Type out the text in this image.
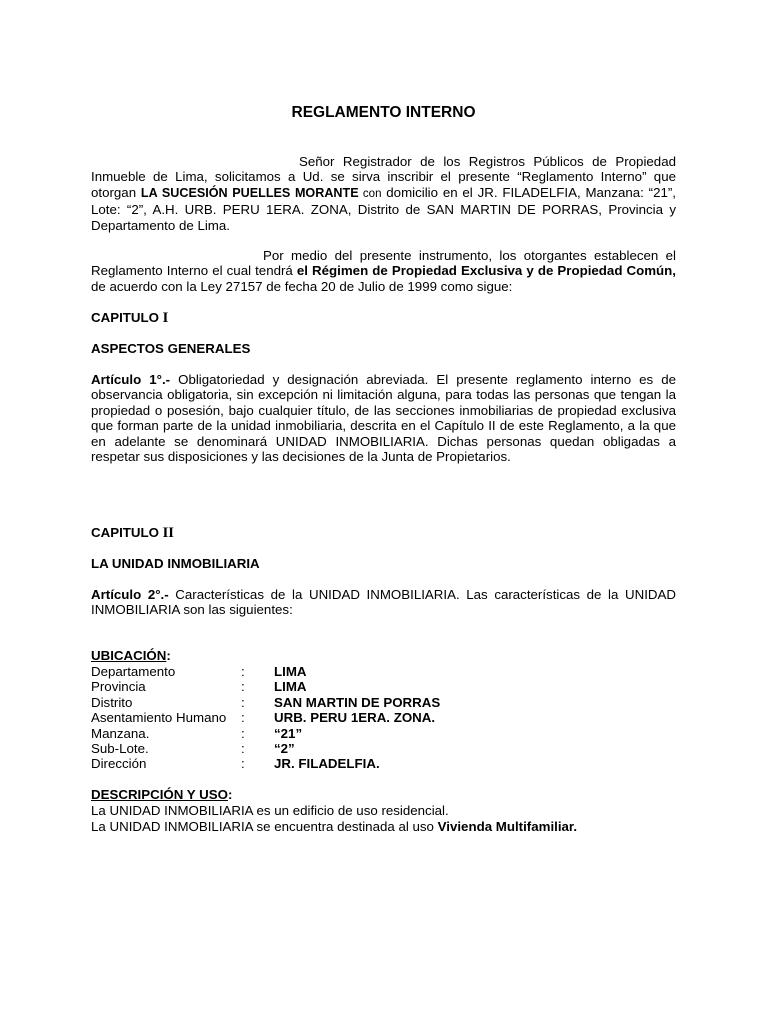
REGLAMENTO INTERNO

Señor Registrador de los Registros Públicos de Propiedad Inmueble de Lima, solicitamos a Ud. se sirva inscribir el presente “Reglamento Interno” que otorgan LA SUCESIÓN PUELLES MORANTE con domicilio en el JR. FILADELFIA, Manzana: “21”, Lote: “2”, A.H. URB. PERU 1ERA. ZONA, Distrito de SAN MARTIN DE PORRAS, Provincia y Departamento de Lima.

Por medio del presente instrumento, los otorgantes establecen el Reglamento Interno el cual tendrá el Régimen de Propiedad Exclusiva y de Propiedad Común, de acuerdo con la Ley 27157 de fecha 20 de Julio de 1999 como sigue:

CAPITULO I

ASPECTOS GENERALES

Artículo 1°.- Obligatoriedad y designación abreviada. El presente reglamento interno es de observancia obligatoria, sin excepción ni limitación alguna, para todas las personas que tengan la propiedad o posesión, bajo cualquier título, de las secciones inmobiliarias de propiedad exclusiva que forman parte de la unidad inmobiliaria, descrita en el Capítulo II de este Reglamento, a la que en adelante se denominará UNIDAD INMOBILIARIA. Dichas personas quedan obligadas a respetar sus disposiciones y las decisiones de la Junta de Propietarios.

CAPITULO II

LA UNIDAD INMOBILIARIA

Artículo 2°.- Características de la UNIDAD INMOBILIARIA. Las características de la UNIDAD INMOBILIARIA son las siguientes:

UBICACIÓN:
Departamento	: LIMA
Provincia	: LIMA
Distrito	: SAN MARTIN DE PORRAS
Asentamiento Humano : URB. PERU 1ERA. ZONA.
Manzana.	: “21”
Sub-Lote.	: “2”
Dirección	: JR. FILADELFIA.
DESCRIPCIÓN Y USO:
La UNIDAD INMOBILIARIA es un edificio de uso residencial.
La UNIDAD INMOBILIARIA se encuentra destinada al uso Vivienda Multifamiliar.
